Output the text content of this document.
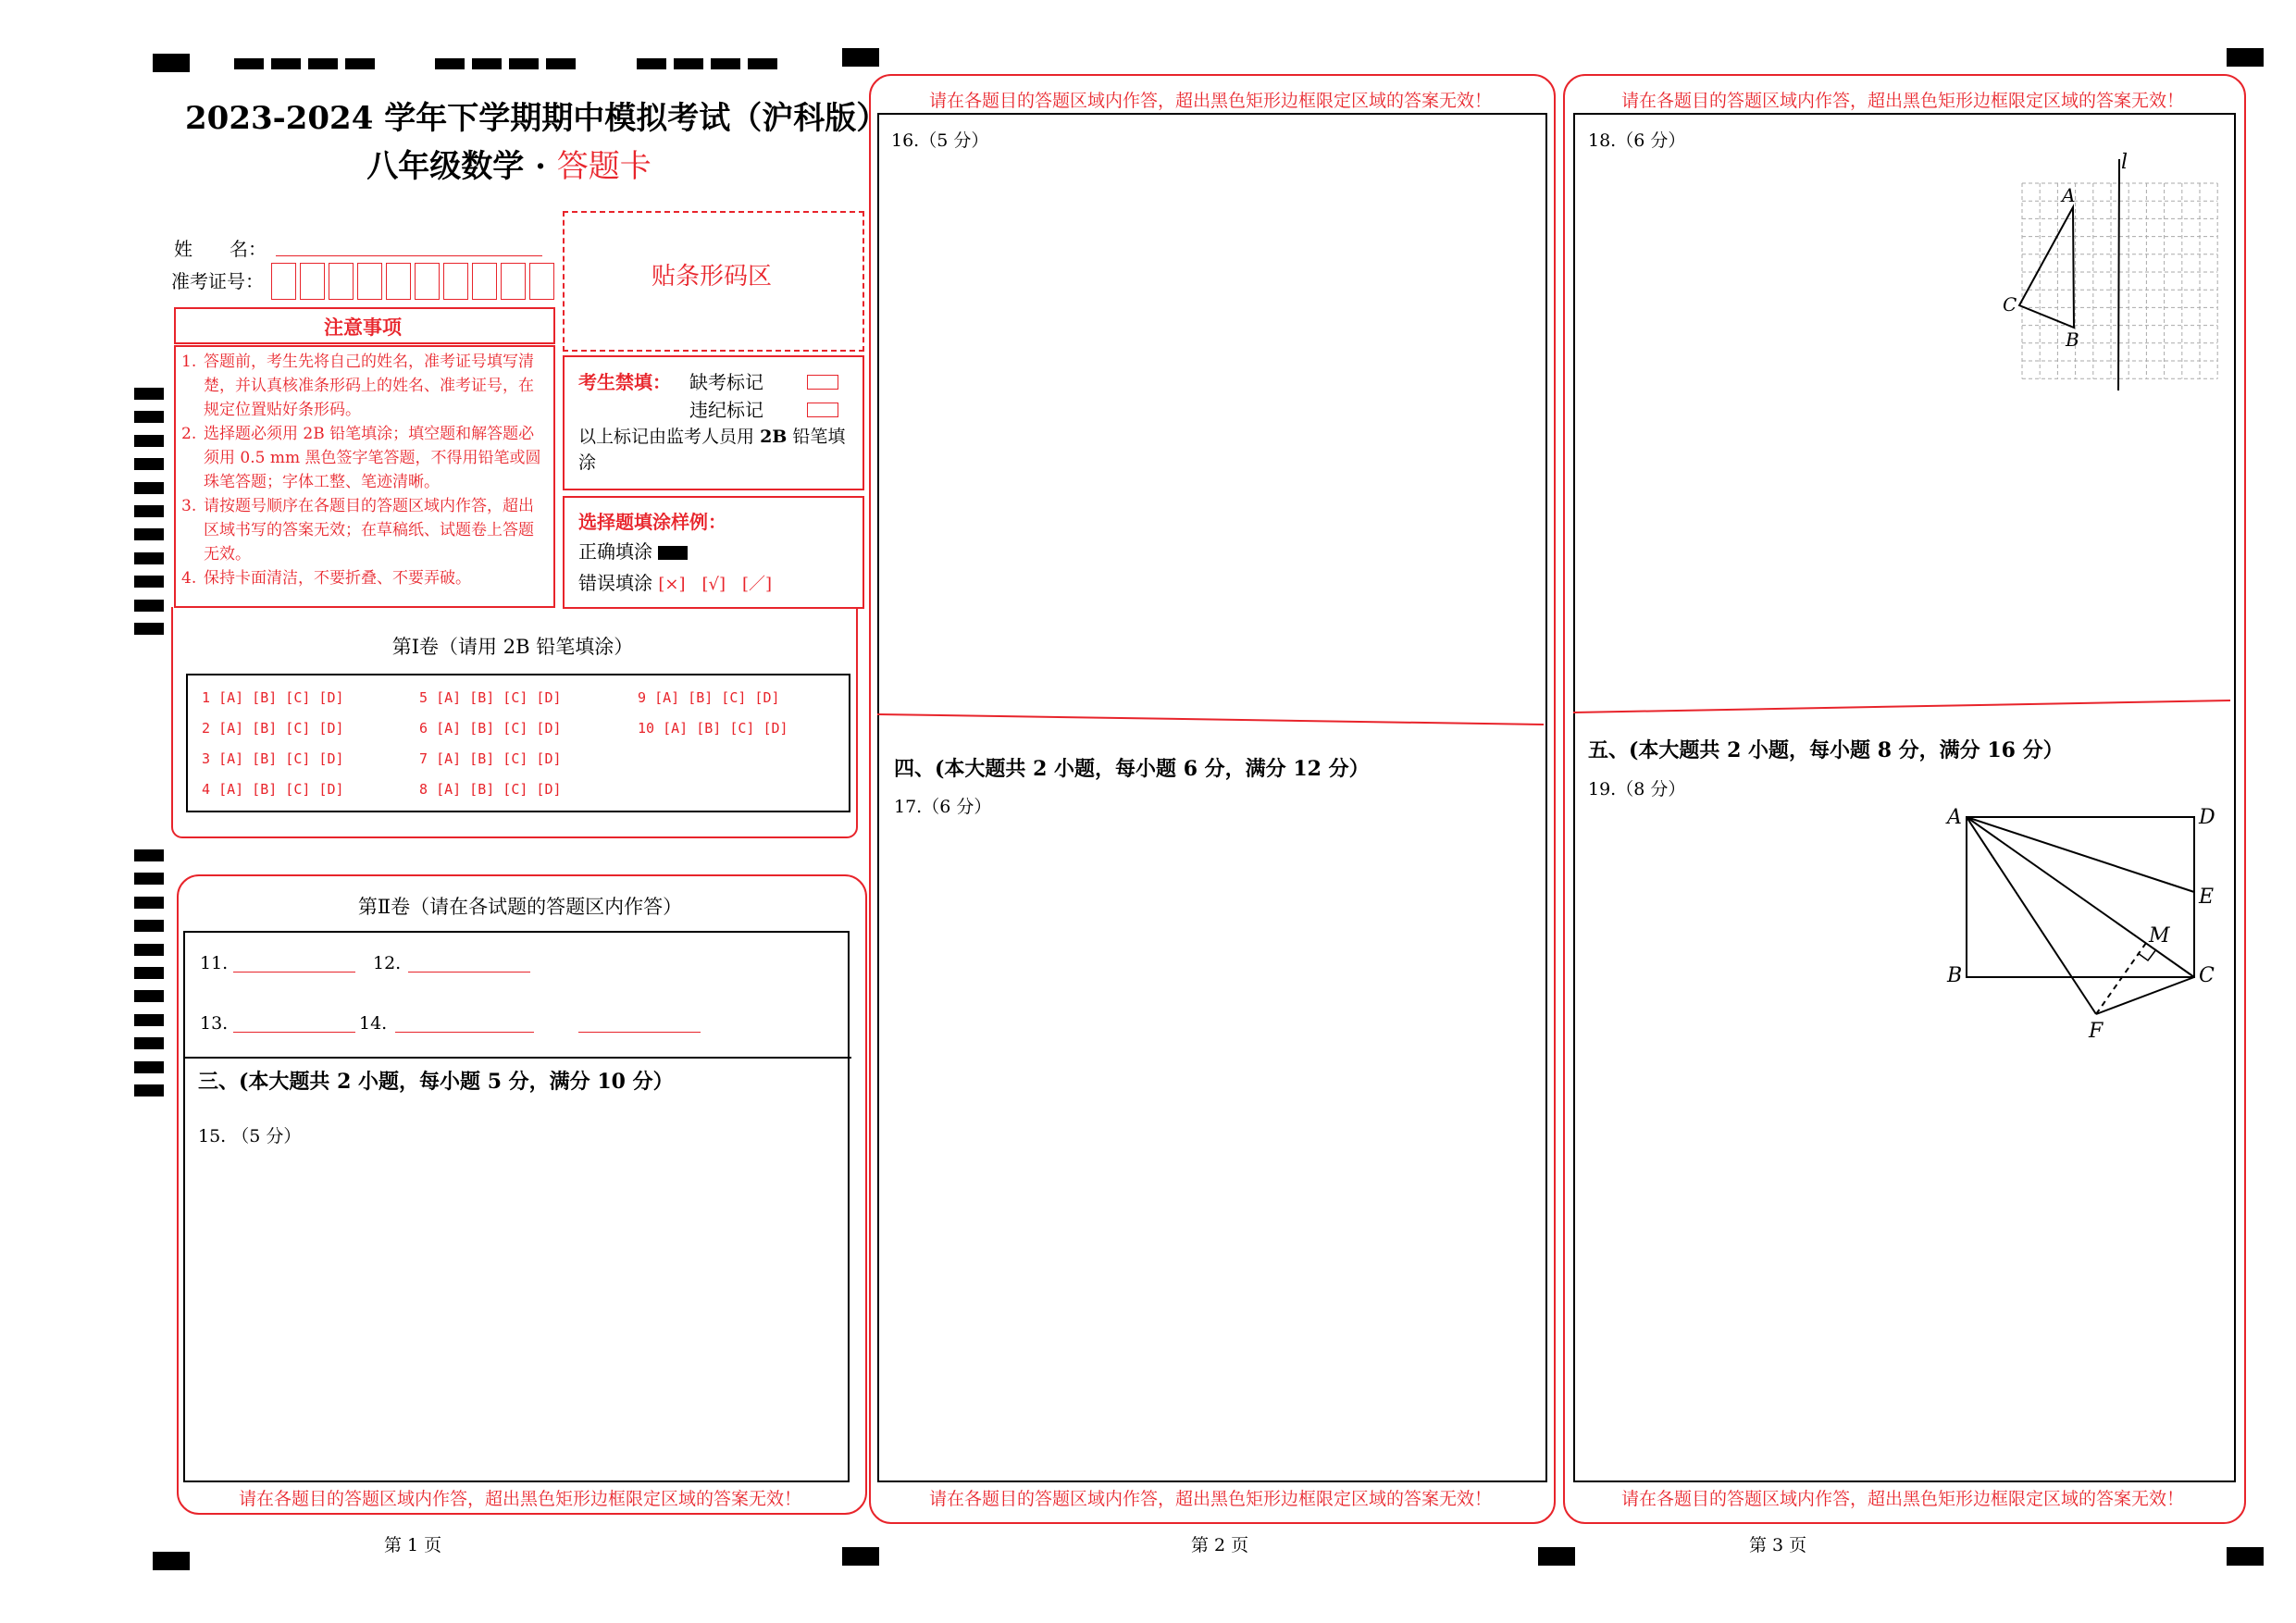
2023-2024 学年下学期期中模拟考试（沪科版）
八年级数学 · 答题卡
姓　　名：
准考证号：	贴条形码区
注意事项
1. 答题前，考生先将自己的姓名，准考证号填写清楚，并认真核准条形码上的姓名、准考证号，在规定位置贴好条形码。
2. 选择题必须用 2B 铅笔填涂；填空题和解答题必须用 0.5 mm 黑色签字笔答题，不得用铅笔或圆珠笔答题；字体工整、笔迹清晰。
3. 请按题号顺序在各题目的答题区域内作答，超出区域书写的答案无效；在草稿纸、试题卷上答题无效。
4. 保持卡面清洁，不要折叠、不要弄破。
考生禁填： 缺考标记
违纪标记
以上标记由监考人员用 2B 铅笔填涂
选择题填涂样例：
正确填涂
错误填涂 [×]　[√]　[／]
第Ⅰ卷（请用 2B 铅笔填涂）
1 [A] [B] [C] [D]
2 [A] [B] [C] [D]
3 [A] [B] [C] [D]
4 [A] [B] [C] [D]
5 [A] [B] [C] [D]
6 [A] [B] [C] [D]
7 [A] [B] [C] [D]
8 [A] [B] [C] [D]
9 [A] [B] [C] [D]
10 [A] [B] [C] [D]
第Ⅱ卷（请在各试题的答题区内作答）
11.	12.
13.	14.
三、(本大题共 2 小题，每小题 5 分，满分 10 分）
15. （5 分）
请在各题目的答题区域内作答，超出黑色矩形边框限定区域的答案无效！
第 1 页
请在各题目的答题区域内作答，超出黑色矩形边框限定区域的答案无效！
16.（5 分）
四、(本大题共 2 小题，每小题 6 分，满分 12 分）
17.（6 分）
请在各题目的答题区域内作答，超出黑色矩形边框限定区域的答案无效！
第 2 页
请在各题目的答题区域内作答，超出黑色矩形边框限定区域的答案无效！
18.（6 分）
l
A
C
B
五、(本大题共 2 小题，每小题 8 分，满分 16 分）
19.（8 分）
A	D
E
M
C
B
F
请在各题目的答题区域内作答，超出黑色矩形边框限定区域的答案无效！
第 3 页
